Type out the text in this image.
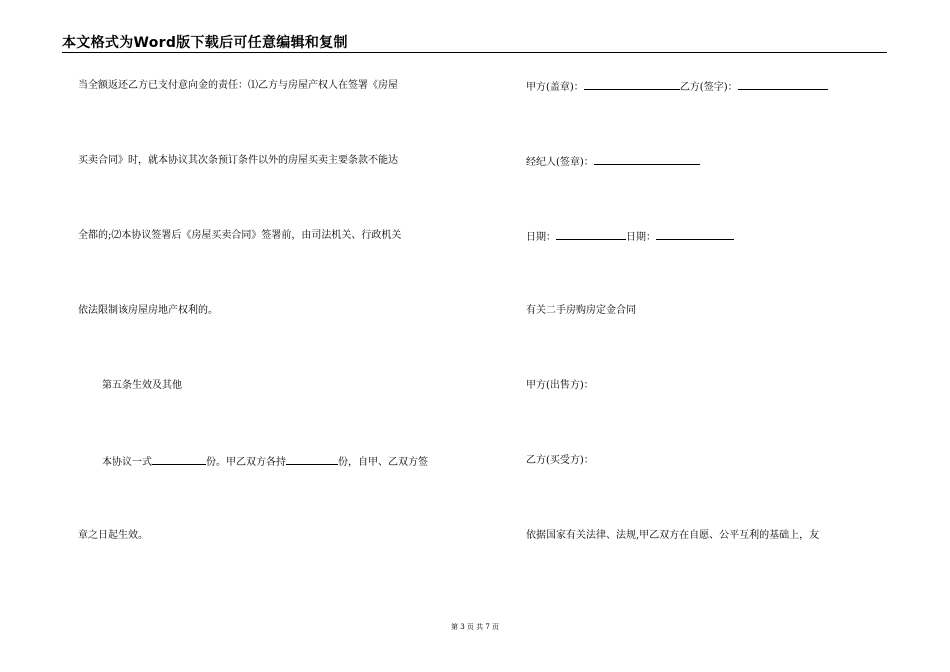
本文格式为Word版下载后可任意编辑和复制
当全额返还乙方已支付意向金的责任：⑴乙方与房屋产权人在签署《房屋
买卖合同》时，就本协议其次条预订条件以外的房屋买卖主要条款不能达
全都的;⑵本协议签署后《房屋买卖合同》签署前，由司法机关、行政机关
依法限制该房屋房地产权利的。
第五条生效及其他
本协议一式	份。甲乙双方各持	份，自甲、乙双方签
章之日起生效。
甲方(盖章)：	乙方(签字)：
经纪人(签章)：
日期：	日期：
有关二手房购房定金合同
甲方(出售方)：
乙方(买受方)：
依据国家有关法律、法规,甲乙双方在自愿、公平互利的基础上，友
第 3 页 共 7 页
